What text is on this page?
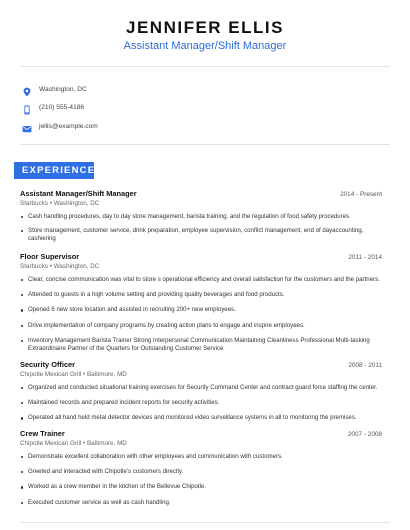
JENNIFER ELLIS
Assistant Manager/Shift Manager
Washington, DC
(210) 555-4186
jellis@example.com
EXPERIENCE
Assistant Manager/Shift Manager	2014 - Present
Starbucks • Washington, DC
Cash handling procedures, day to day store management, barista training, and the regulation of food safety procedures
Store management, customer service, drink preparation, employee supervision, conflict management, end of dayaccounting, cashiering
Floor Supervisor	2011 - 2014
Starbucks • Washington, DC
Clear, concise communication was vital to store s operational efficiency and overall satisfaction for the customers and the partners.
Attended to guests in a high volume setting and providing quality beverages and food products.
Opened 6 new store location and assisted in recruiting 200+ new employees.
Drive implementation of company programs by creating action plans to engage and inspire employees.
Inventory Management Barista Trainer Strong Interpersonal Communication Maintaining Cleanliness Professional Multi-tasking Extraordinaire Partner of the Quarters for Outstanding Customer Service
Security Officer	2008 - 2011
Chipotle Mexican Grill • Baltimore, MD
Organized and conducted situational training exercises for Security Command Center and contract guard force staffing the center.
Maintained records and prepared incident reports for security activities.
Operated all hand held metal detector devices and monitored video surveillance systems in all to monitoring the premises.
Crew Trainer	2007 - 2008
Chipotle Mexican Grill • Baltimore, MD
Demonstrate excellent collaboration with other employees and communication with customers.
Greeted and interacted with Chipotle's customers directly.
Worked as a crew member in the kitchen of the Bellevue Chipotle.
Executed customer service as well as cash handling.
